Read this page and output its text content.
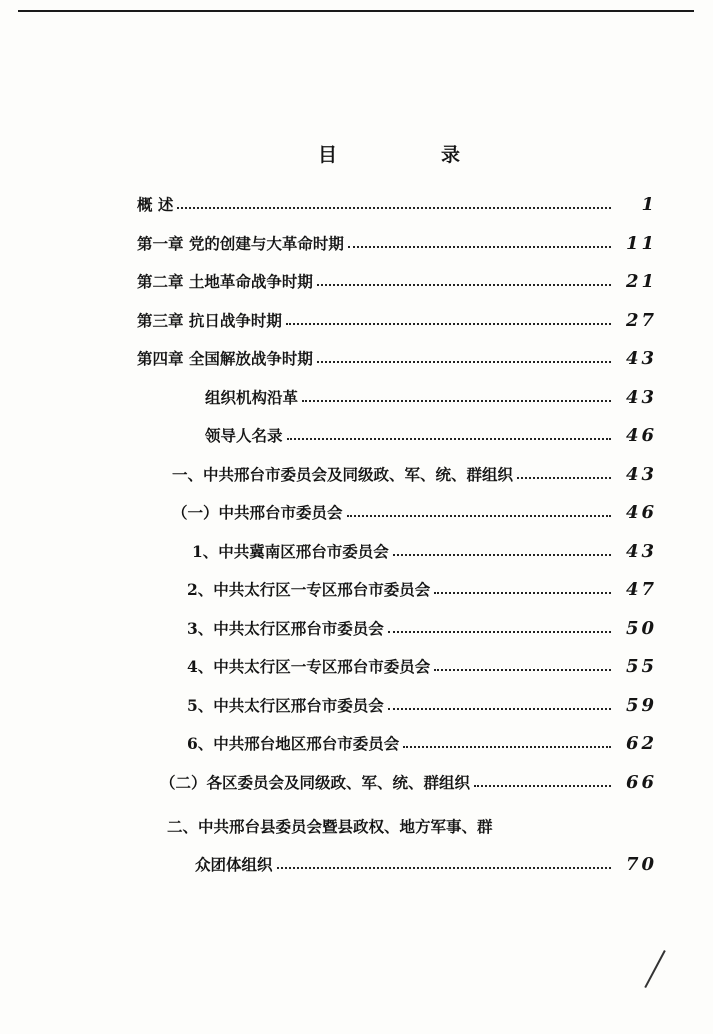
目	录
概 述	1
第一章 党的创建与大革命时期	11
第二章 土地革命战争时期	21
第三章 抗日战争时期	27
第四章 全国解放战争时期	43
组织机构沿革	43
领导人名录	46
一、中共邢台市委员会及同级政、军、统、群组织	43
（一）中共邢台市委员会	46
1、中共冀南区邢台市委员会	43
2、中共太行区一专区邢台市委员会	47
3、中共太行区邢台市委员会	50
4、中共太行区一专区邢台市委员会	55
5、中共太行区邢台市委员会	59
6、中共邢台地区邢台市委员会	62
（二）各区委员会及同级政、军、统、群组织	66
二、中共邢台县委员会暨县政权、地方军事、群
众团体组织	70
